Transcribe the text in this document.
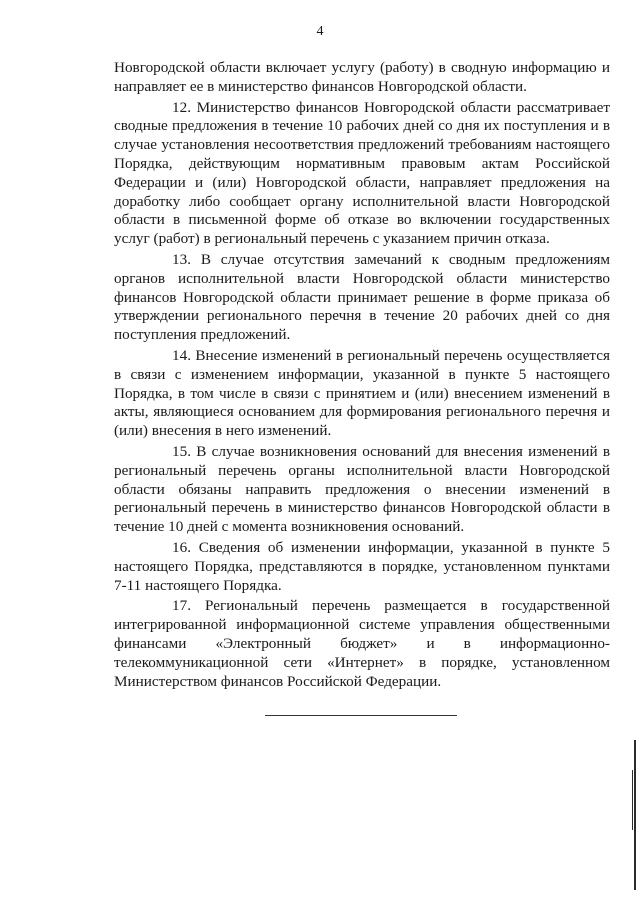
4

Новгородской области включает услугу (работу) в сводную информацию и направляет ее в министерство финансов Новгородской области.

12. Министерство финансов Новгородской области рассматривает сводные предложения в течение 10 рабочих дней со дня их поступления и в случае установления несоответствия предложений требованиям настоящего Порядка, действующим нормативным правовым актам Российской Федерации и (или) Новгородской области, направляет предложения на доработку либо сообщает органу исполнительной власти Новгородской области в письменной форме об отказе во включении государственных услуг (работ) в региональный перечень с указанием причин отказа.

13. В случае отсутствия замечаний к сводным предложениям органов исполнительной власти Новгородской области министерство финансов Новгородской области принимает решение в форме приказа об утверждении регионального перечня в течение 20 рабочих дней со дня поступления предложений.

14. Внесение изменений в региональный перечень осуществляется в связи с изменением информации, указанной в пункте 5 настоящего Порядка, в том числе в связи с принятием и (или) внесением изменений в акты, являющиеся основанием для формирования регионального перечня и (или) внесения в него изменений.

15. В случае возникновения оснований для внесения изменений в региональный перечень органы исполнительной власти Новгородской области обязаны направить предложения о внесении изменений в региональный перечень в министерство финансов Новгородской области в течение 10 дней с момента возникновения оснований.

16. Сведения об изменении информации, указанной в пункте 5 настоящего Порядка, представляются в порядке, установленном пунктами 7-11 настоящего Порядка.

17. Региональный перечень размещается в государственной интегрированной информационной системе управления общественными финансами «Электронный бюджет» и в информационно-телекоммуникационной сети «Интернет» в порядке, установленном Министерством финансов Российской Федерации.
